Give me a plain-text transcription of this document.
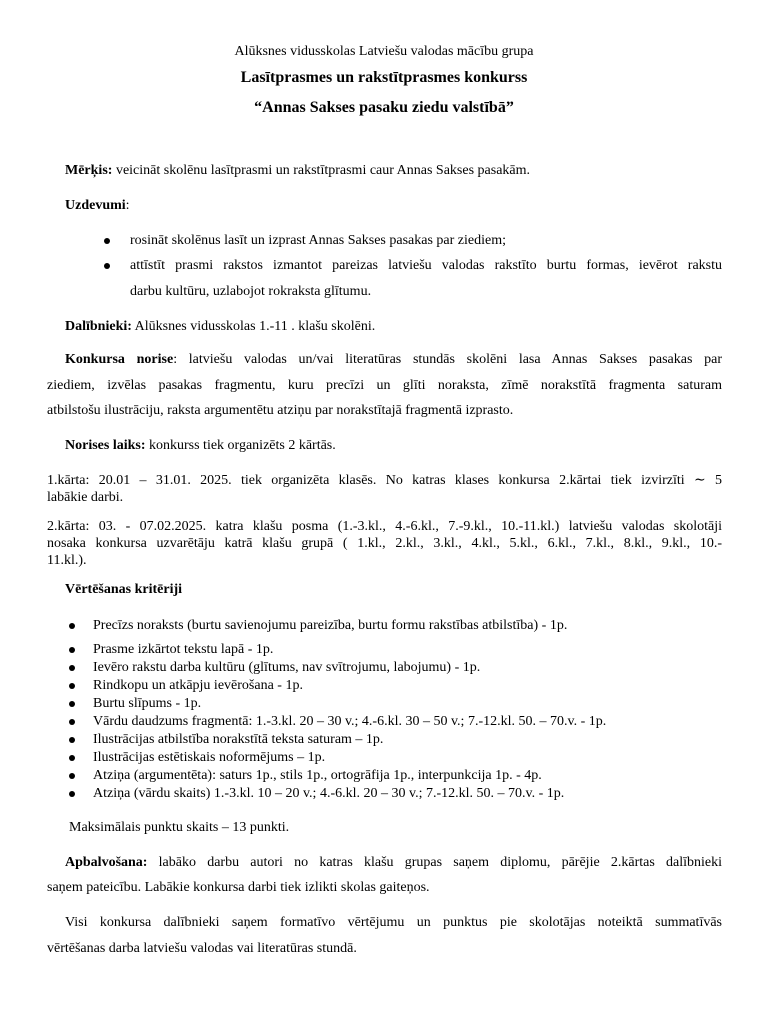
Alūksnes vidusskolas Latviešu valodas mācību grupa
Lasītprasmes un rakstītprasmes konkurss
“Annas Sakses pasaku ziedu valstībā”
Mērķis: veicināt skolēnu lasītprasmi un rakstītprasmi caur Annas Sakses pasakām.
Uzdevumi:
rosināt skolēnus lasīt un izprast Annas Sakses pasakas par ziediem;
attīstīt prasmi rakstos izmantot pareizas latviešu valodas rakstīto burtu formas, ievērot rakstu
darbu kultūru, uzlabojot rokraksta glītumu.
Dalībnieki: Alūksnes vidusskolas 1.-11 . klašu skolēni.
Konkursa norise: latviešu valodas un/vai literatūras stundās skolēni lasa Annas Sakses pasakas par
ziediem, izvēlas pasakas fragmentu, kuru precīzi un glīti noraksta, zīmē norakstītā fragmenta saturam
atbilstošu ilustrāciju, raksta argumentētu atziņu par norakstītajā fragmentā izprasto.
Norises laiks: konkurss tiek organizēts 2 kārtās.
1.kārta: 20.01 – 31.01. 2025. tiek organizēta klasēs. No katras klases konkursa 2.kārtai tiek izvirzīti ∼ 5
labākie darbi.
2.kārta: 03. - 07.02.2025. katra klašu posma (1.-3.kl., 4.-6.kl., 7.-9.kl., 10.-11.kl.) latviešu valodas skolotāji
nosaka konkursa uzvarētāju katrā klašu grupā ( 1.kl., 2.kl., 3.kl., 4.kl., 5.kl., 6.kl., 7.kl., 8.kl., 9.kl., 10.-
11.kl.).
Vērtēšanas kritēriji
Precīzs noraksts (burtu savienojumu pareizība, burtu formu rakstības atbilstība) - 1p.
Prasme izkārtot tekstu lapā - 1p.
Ievēro rakstu darba kultūru (glītums, nav svītrojumu, labojumu) - 1p.
Rindkopu un atkāpju ievērošana - 1p.
Burtu slīpums - 1p.
Vārdu daudzums fragmentā: 1.-3.kl. 20 – 30 v.; 4.-6.kl. 30 – 50 v.; 7.-12.kl. 50. – 70.v. - 1p.
Ilustrācijas atbilstība norakstītā teksta saturam – 1p.
Ilustrācijas estētiskais noformējums – 1p.
Atziņa (argumentēta): saturs 1p., stils 1p., ortogrāfija 1p., interpunkcija 1p. - 4p.
Atziņa (vārdu skaits) 1.-3.kl. 10 – 20 v.; 4.-6.kl. 20 – 30 v.; 7.-12.kl. 50. – 70.v. - 1p.
Maksimālais punktu skaits – 13 punkti.
Apbalvošana: labāko darbu autori no katras klašu grupas saņem diplomu, pārējie 2.kārtas dalībnieki
saņem pateicību. Labākie konkursa darbi tiek izlikti skolas gaiteņos.
Visi konkursa dalībnieki saņem formatīvo vērtējumu un punktus pie skolotājas noteiktā summatīvās
vērtēšanas darba latviešu valodas vai literatūras stundā.
